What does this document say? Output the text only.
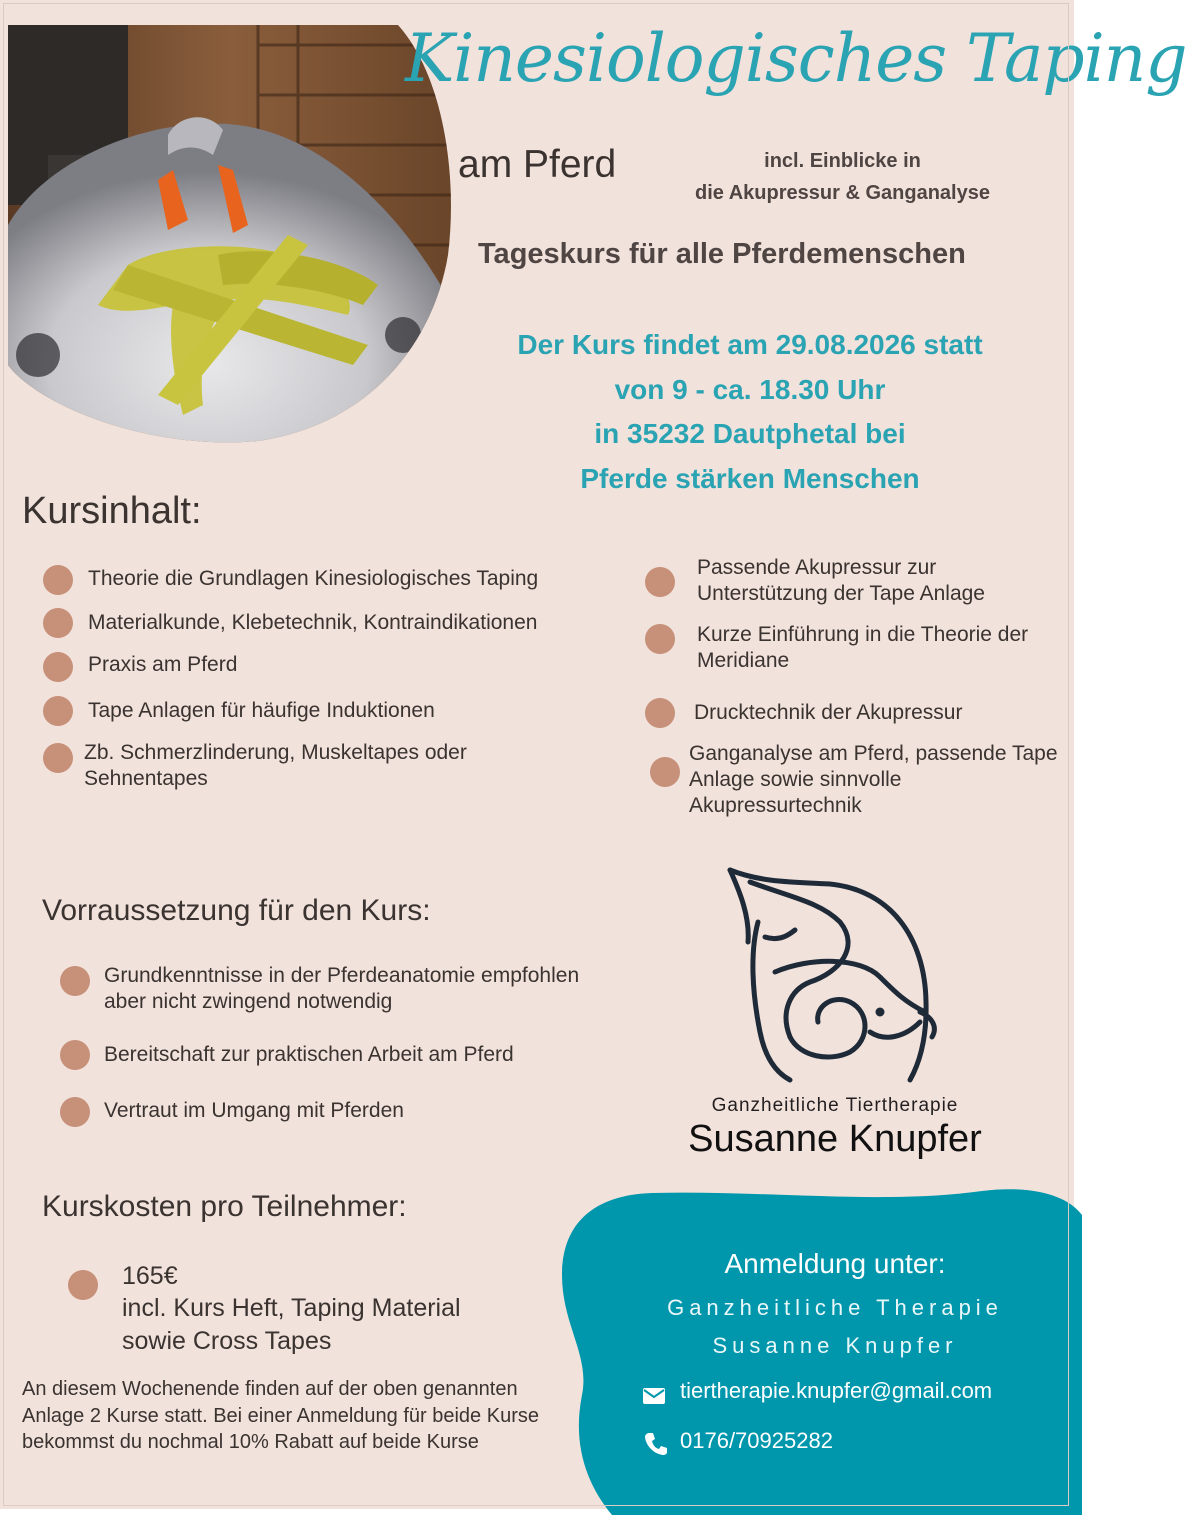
Kinesiologisches Taping
am Pferd	incl. Einblicke in
die Akupressur & Ganganalyse
Tageskurs für alle Pferdemenschen
Der Kurs findet am 29.08.2026 statt
von 9 - ca. 18.30 Uhr
in 35232 Dautphetal bei
Pferde stärken Menschen
Kursinhalt:
Theorie die Grundlagen Kinesiologisches Taping
Materialkunde, Klebetechnik, Kontraindikationen
Praxis am Pferd
Tape Anlagen für häufige Induktionen
Zb. Schmerzlinderung, Muskeltapes oder Sehnentapes
Passende Akupressur zur Unterstützung der Tape Anlage
Kurze Einführung in die Theorie der Meridiane
Drucktechnik der Akupressur
Ganganalyse am Pferd, passende Tape Anlage sowie sinnvolle Akupressurtechnik
Vorraussetzung für den Kurs:
Grundkenntnisse in der Pferdeanatomie empfohlen aber nicht zwingend notwendig
Bereitschaft zur praktischen Arbeit am Pferd
Vertraut im Umgang mit Pferden	Ganzheitliche Tiertherapie
Susanne Knupfer
Kurskosten pro Teilnehmer:
165€
incl. Kurs Heft, Taping Material
sowie Cross Tapes
An diesem Wochenende finden auf der oben genannten Anlage 2 Kurse statt. Bei einer Anmeldung für beide Kurse bekommst du nochmal 10% Rabatt auf beide Kurse
Anmeldung unter:
Ganzheitliche Therapie
Susanne Knupfer
tiertherapie.knupfer@gmail.com
0176/70925282
